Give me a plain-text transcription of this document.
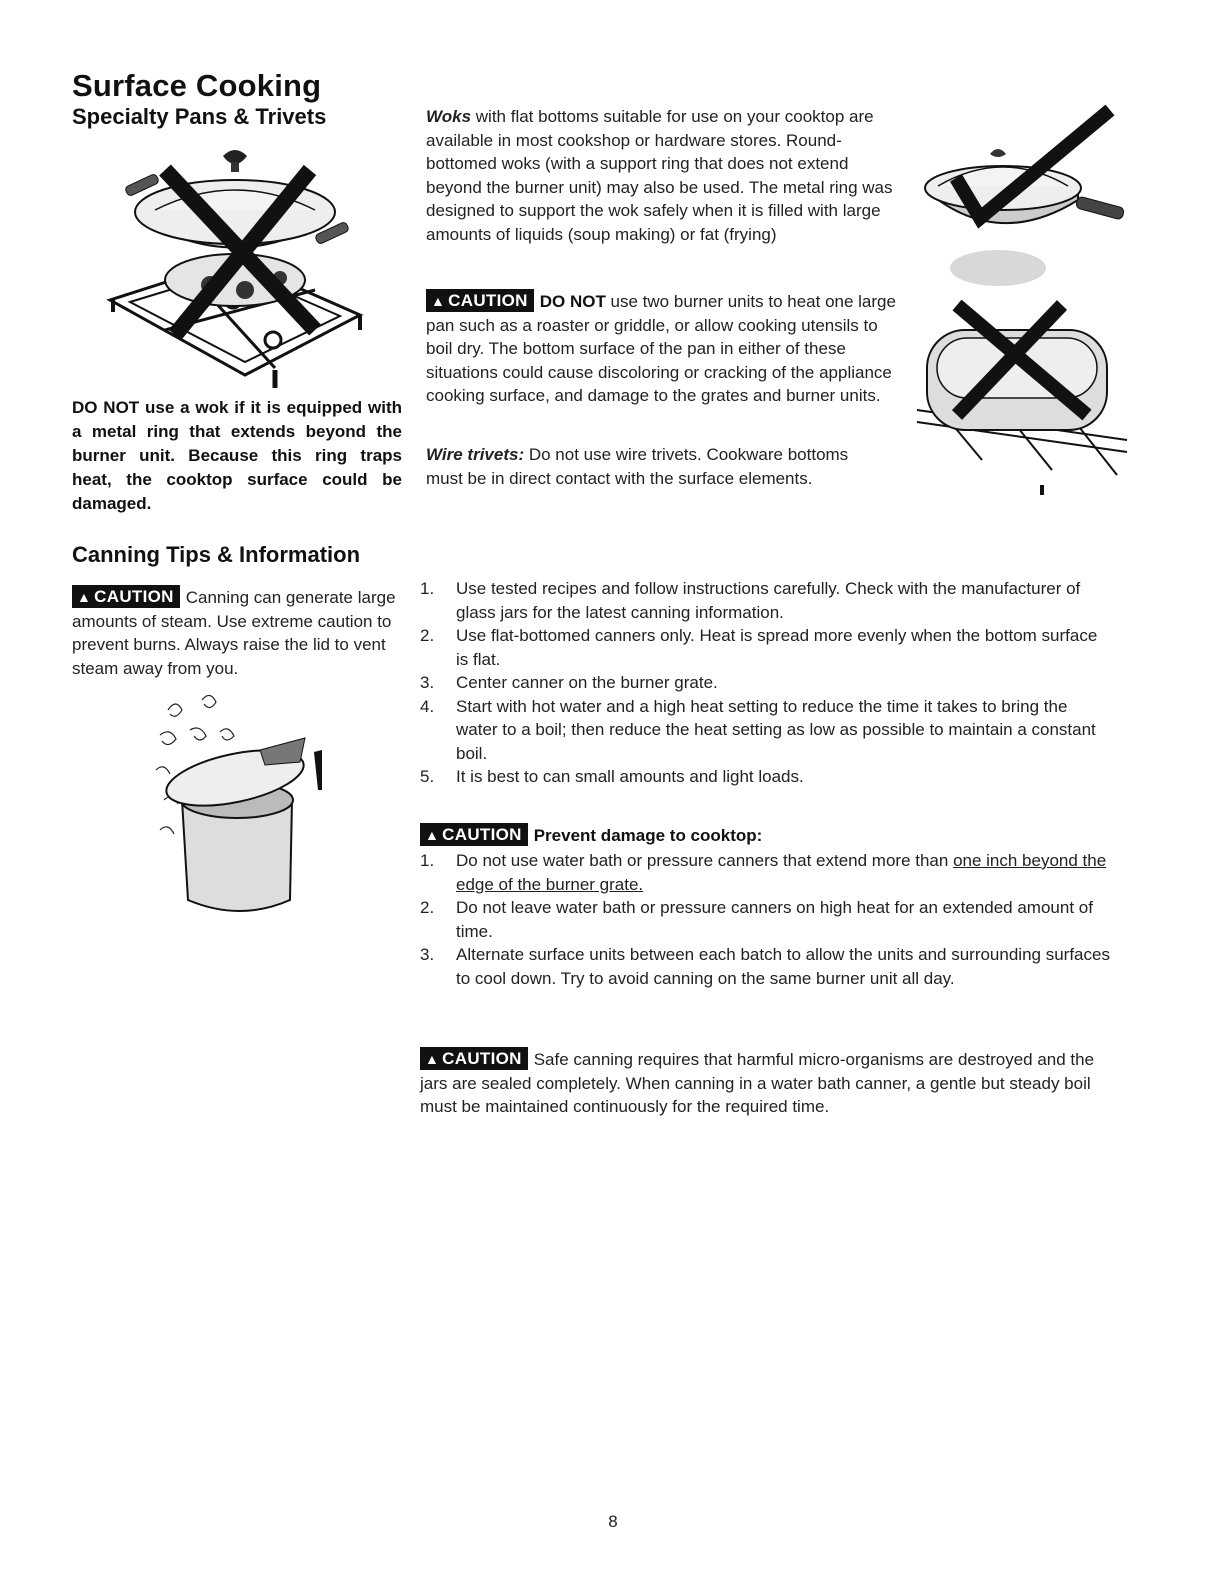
Surface Cooking
Specialty Pans & Trivets
DO NOT use a wok if it is equipped with a metal ring that extends beyond the burner unit. Because this ring traps heat, the cooktop surface could be damaged.
Woks with flat bottoms suitable for use on your cooktop are available in most cookshop or hardware stores. Round-bottomed woks (with a support ring that does not extend beyond the burner unit) may also be used. The metal ring was designed to support the wok safely when it is filled with large amounts of liquids (soup making) or fat (frying)
▲ CAUTION DO NOT use two burner units to heat one large pan such as a roaster or griddle, or allow cooking utensils to boil dry. The bottom surface of the pan in either of these situations could cause discoloring or cracking of the appliance cooking surface, and damage to the grates and burner units.
Wire trivets: Do not use wire trivets. Cookware bottoms must be in direct contact with the surface elements.
Canning Tips & Information
▲ CAUTION Canning can generate large amounts of steam. Use extreme caution to prevent burns. Always raise the lid to vent steam away from you.
1. Use tested recipes and follow instructions carefully. Check with the manufacturer of glass jars for the latest canning information.
2. Use flat-bottomed canners only. Heat is spread more evenly when the bottom surface is flat.
3. Center canner on the burner grate.
4. Start with hot water and a high heat setting to reduce the time it takes to bring the water to a boil; then reduce the heat setting as low as possible to maintain a constant boil.
5. It is best to can small amounts and light loads.
▲ CAUTION Prevent damage to cooktop:
1. Do not use water bath or pressure canners that extend more than one inch beyond the edge of the burner grate.
2. Do not leave water bath or pressure canners on high heat for an extended amount of time.
3. Alternate surface units between each batch to allow the units and surrounding surfaces to cool down. Try to avoid canning on the same burner unit all day.
▲ CAUTION Safe canning requires that harmful micro-organisms are destroyed and the jars are sealed completely. When canning in a water bath canner, a gentle but steady boil must be maintained continuously for the required time.
8
